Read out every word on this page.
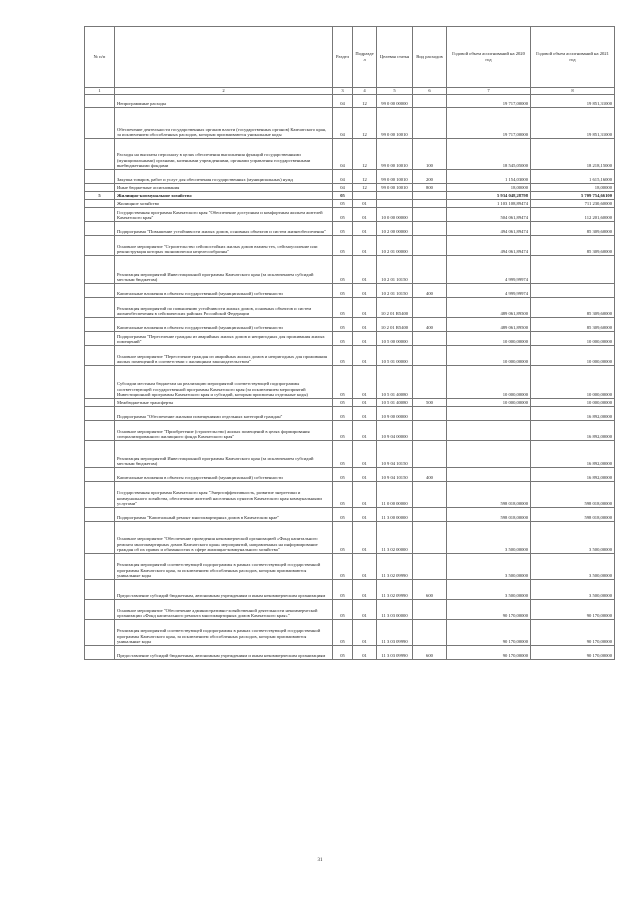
№ п/п		Раздел	Подраздел	Целевая статья	Вид расходов	Годовой объем ассигнований на 2020 год	Годовой объем ассигнований на 2021 год
1	2	3	4	5	6	7	8
	Непрограммные расходы	04	12	99 0 00 00000		19 717,00000	19 851,31000
	Обеспечение деятельности государственных органов власти (государственных органов) Камчатского края, за исключением обособленных расходов, которым присваиваются уникальные коды	04	12	99 0 00 10010		19 717,00000	19 851,31000
	Расходы на выплаты персоналу в целях обеспечения выполнения функций государственными (муниципальными) органами, казенными учреждениями, органами управления государственными внебюджетными фондами	04	12	99 0 00 10010	100	18 545,05000	18 218,15000
	Закупка товаров, работ и услуг для обеспечения государственных (муниципальных) нужд	04	12	99 0 00 10010	200	1 154,03000	1 615,16000
	Иные бюджетные ассигнования	04	12	99 0 00 10010	800	18,00000	18,00000
5	Жилищно-коммунальное хозяйство	05				5 934 048,28798	5 709 754,66100
	Жилищное хозяйство	05	01			1 103 108,89474	711 230,60000
	Государственная программа Камчатского края "Обеспечение доступным и комфортным жильем жителей Камчатского края"	05	01	10 0 00 00000		504 061,89474	112 201,60000
	Подпрограмма "Повышение устойчивости жилых домов, основных объектов и систем жизнеобеспечения"	05	01	10 2 00 00000		494 061,89474	85 309,60000
	Основное мероприятие "Строительство сейсмостойких жилых домов взамен тех, сейсмоусиление или реконструкция которых экономически нецелесообразны"	05	01	10 2 01 00000		494 061,89474	85 309,60000
	Реализация мероприятий Инвестиционной программы Камчатского края (за исключением субсидий местным бюджетам)	05	01	10 2 01 10150		4 999,99974	
	Капитальные вложения в объекты государственной (муниципальной) собственности	05	01	10 2 01 10150	400	4 999,99974	
	Реализация мероприятий по повышению устойчивости жилых домов, основных объектов и систем жизнеобеспечения в сейсмических районах Российской Федерации	05	01	10 2 01 R5400		489 061,89500	85 309,60000
	Капитальные вложения в объекты государственной (муниципальной) собственности	05	01	10 2 01 R5400	400	489 061,89500	85 309,60000
	Подпрограмма "Переселение граждан из аварийных жилых домов и непригодных для проживания жилых помещений"	05	01	10 5 00 00000		10 000,00000	10 000,00000
	Основное мероприятие "Переселение граждан из аварийных жилых домов и непригодных для проживания жилых помещений в соответствии с жилищным законодательством"	05	01	10 5 01 00000		10 000,00000	10 000,00000
	Субсидии местным бюджетам на реализацию мероприятий соответствующей подпрограммы соответствующей государственной программы Камчатского края (за исключением мероприятий Инвестиционной программы Камчатского края и субсидий, которым присвоены отдельные коды)	05	01	10 5 01 40080		10 000,00000	10 000,00000
	Межбюджетные трансферты	05	01	10 5 01 40080	500	10 000,00000	10 000,00000
	Подпрограмма "Обеспечение жилыми помещениями отдельных категорий граждан"	05	01	10 9 00 00000			16 892,00000
	Основное мероприятие "Приобретение (строительство) жилых помещений в целях формирования специализированного жилищного фонда Камчатского края"	05	01	10 9 04 00000			16 892,00000
	Реализация мероприятий Инвестиционной программы Камчатского края (за исключением субсидий местным бюджетам)	05	01	10 9 04 10150			16 892,00000
	Капитальные вложения в объекты государственной (муниципальной) собственности	05	01	10 9 04 10150	400		16 892,00000
	Государственная программа Камчатского края "Энергоэффективность, развитие энергетики и коммунального хозяйства, обеспечение жителей населенных пунктов Камчатского края коммунальными услугами"	05	01	11 0 00 00000		598 018,00000	598 018,00000
	Подпрограмма "Капитальный ремонт многоквартирных домов в Камчатском крае"	05	01	11 3 00 00000		598 018,00000	598 018,00000
	Основное мероприятие "Обеспечение проведения некоммерческой организацией «Фонд капитального ремонта многоквартирных домов Камчатского края» мероприятий, направленных на информирование граждан об их правах и обязанностях в сфере жилищно-коммунального хозяйства"	05	01	11 3 02 00000		3 500,00000	3 500,00000
	Реализация мероприятий соответствующей подпрограммы в рамках соответствующей государственной программы Камчатского края, за исключением обособленных расходов, которым присваиваются уникальные коды	05	01	11 3 02 09990		3 500,00000	3 500,00000
	Предоставление субсидий бюджетным, автономным учреждениям и иным некоммерческим организациям	05	01	11 3 02 09990	600	3 500,00000	3 500,00000
	Основное мероприятие "Обеспечение административно-хозяйственной деятельности некоммерческой организации «Фонд капитального ремонта многоквартирных домов Камчатского края»"	05	01	11 3 03 00000		90 170,00000	90 170,00000
	Реализация мероприятий соответствующей подпрограммы в рамках соответствующей государственной программы Камчатского края, за исключением обособленных расходов, которым присваиваются уникальные коды	05	01	11 3 03 09990		90 170,00000	90 170,00000
	Предоставление субсидий бюджетным, автономным учреждениям и иным некоммерческим организациям	05	01	11 3 03 09990	600	90 170,00000	90 170,00000
31
